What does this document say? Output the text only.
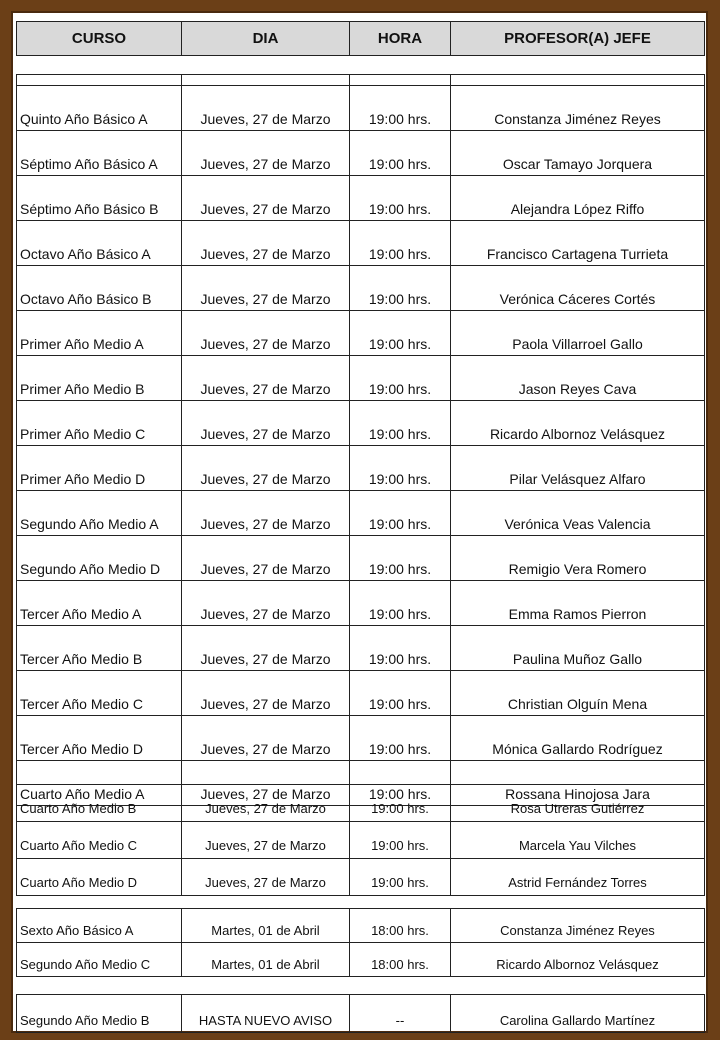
CURSO	DIA	HORA	PROFESOR(A) JEFE

Quinto Año Básico A	Jueves, 27 de Marzo	19:00 hrs.	Constanza Jiménez Reyes
Séptimo Año Básico A	Jueves, 27 de Marzo	19:00 hrs.	Oscar Tamayo Jorquera
Séptimo Año Básico B	Jueves, 27 de Marzo	19:00 hrs.	Alejandra López Riffo
Octavo Año Básico A	Jueves, 27 de Marzo	19:00 hrs.	Francisco Cartagena Turrieta
Octavo Año Básico B	Jueves, 27 de Marzo	19:00 hrs.	Verónica Cáceres Cortés
Primer Año Medio A	Jueves, 27 de Marzo	19:00 hrs.	Paola Villarroel Gallo
Primer Año Medio B	Jueves, 27 de Marzo	19:00 hrs.	Jason Reyes Cava
Primer Año Medio C	Jueves, 27 de Marzo	19:00 hrs.	Ricardo Albornoz Velásquez
Primer Año Medio D	Jueves, 27 de Marzo	19:00 hrs.	Pilar Velásquez Alfaro
Segundo Año Medio A	Jueves, 27 de Marzo	19:00 hrs.	Verónica Veas Valencia
Segundo Año Medio D	Jueves, 27 de Marzo	19:00 hrs.	Remigio Vera Romero
Tercer Año Medio A	Jueves, 27 de Marzo	19:00 hrs.	Emma Ramos Pierron
Tercer Año Medio B	Jueves, 27 de Marzo	19:00 hrs.	Paulina Muñoz Gallo
Tercer Año Medio C	Jueves, 27 de Marzo	19:00 hrs.	Christian Olguín Mena
Tercer Año Medio D	Jueves, 27 de Marzo	19:00 hrs.	Mónica Gallardo Rodríguez
Cuarto Año Medio A	Jueves, 27 de Marzo	19:00 hrs.	Rossana Hinojosa Jara
Cuarto Año Medio B	Jueves, 27 de Marzo	19:00 hrs.	Rosa Utreras Gutiérrez
Cuarto Año Medio C	Jueves, 27 de Marzo	19:00 hrs.	Marcela Yau Vilches
Cuarto Año Medio D	Jueves, 27 de Marzo	19:00 hrs.	Astrid Fernández Torres
Sexto Año Básico A	Martes, 01 de Abril	18:00 hrs.	Constanza Jiménez Reyes
Segundo Año Medio C	Martes, 01 de Abril	18:00 hrs.	Ricardo Albornoz Velásquez
Segundo Año Medio B	HASTA NUEVO AVISO	--	Carolina Gallardo Martínez
